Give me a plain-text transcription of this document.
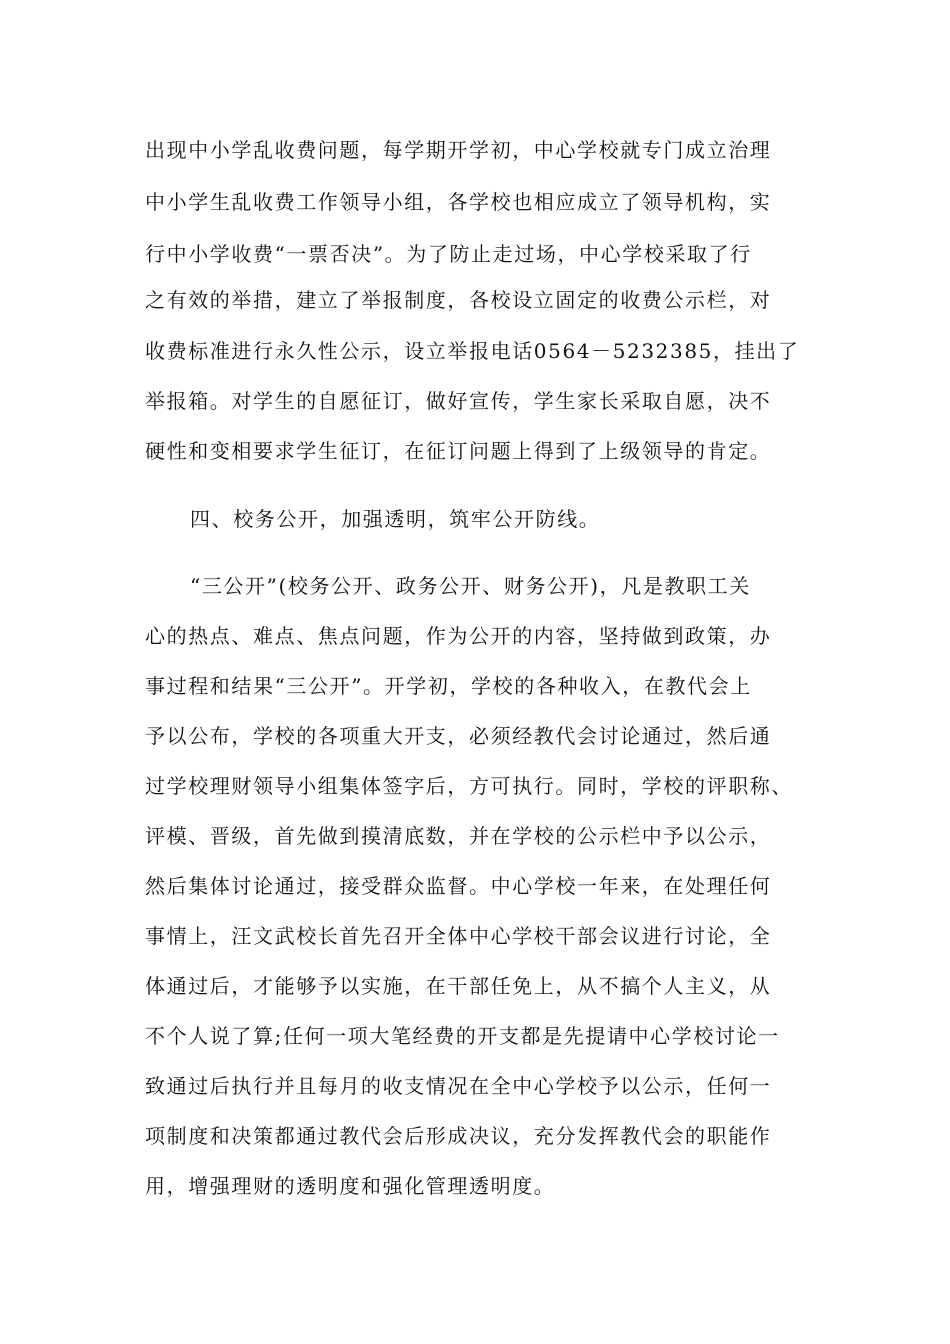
出现中小学乱收费问题，每学期开学初，中心学校就专门成立治理
中小学生乱收费工作领导小组，各学校也相应成立了领导机构，实
行中小学收费“一票否决”。为了防止走过场，中心学校采取了行
之有效的举措，建立了举报制度，各校设立固定的收费公示栏，对
收费标准进行永久性公示，设立举报电话0564－5232385，挂出了
举报箱。对学生的自愿征订，做好宣传，学生家长采取自愿，决不
硬性和变相要求学生征订，在征订问题上得到了上级领导的肯定。
四、校务公开，加强透明，筑牢公开防线。
“三公开”(校务公开、政务公开、财务公开)，凡是教职工关
心的热点、难点、焦点问题，作为公开的内容，坚持做到政策，办
事过程和结果“三公开”。开学初，学校的各种收入，在教代会上
予以公布，学校的各项重大开支，必须经教代会讨论通过，然后通
过学校理财领导小组集体签字后，方可执行。同时，学校的评职称、
评模、晋级，首先做到摸清底数，并在学校的公示栏中予以公示，
然后集体讨论通过，接受群众监督。中心学校一年来，在处理任何
事情上，汪文武校长首先召开全体中心学校干部会议进行讨论，全
体通过后，才能够予以实施，在干部任免上，从不搞个人主义，从
不个人说了算;任何一项大笔经费的开支都是先提请中心学校讨论一
致通过后执行并且每月的收支情况在全中心学校予以公示，任何一
项制度和决策都通过教代会后形成决议，充分发挥教代会的职能作
用，增强理财的透明度和强化管理透明度。
